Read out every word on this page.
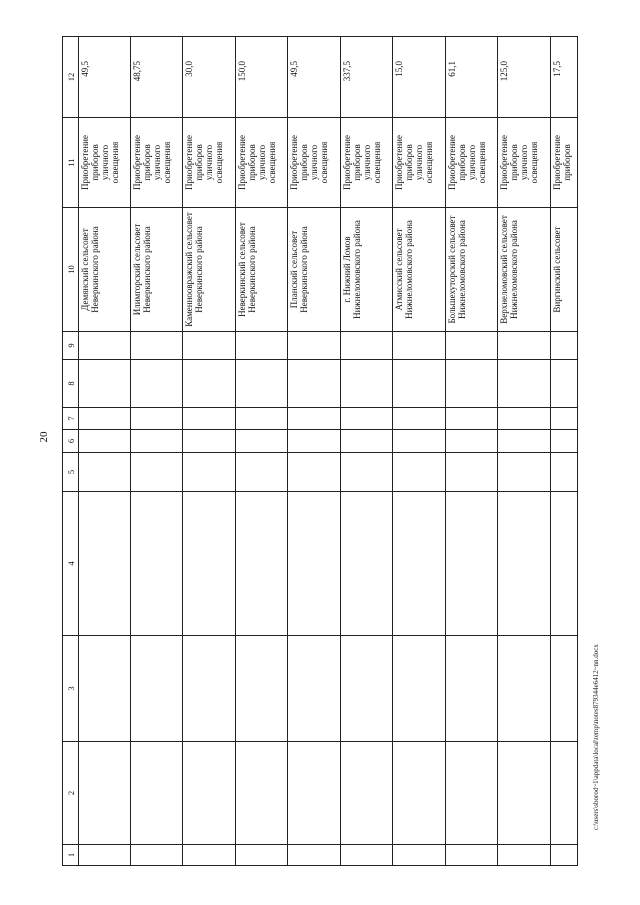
20
1	2	3	4	5	6	7	8	9	10	11	12
									Демянский сельсовет Неверкинского района	Приобретение приборов уличного освещения	49,5
									Илимгорский сельсовет Неверкинского района	Приобретение приборов уличного освещения	48,75
									Каменноовражский сельсовет Неверкинского района	Приобретение приборов уличного освещения	30,0
									Неверкинский сельсовет Неверкинского района	Приобретение приборов уличного освещения	150,0
									Планский сельсовет Неверкинского района	Приобретение приборов уличного освещения	49,5
									г. Нижний Ломов Нижнеломовского района	Приобретение приборов уличного освещения	337,5
									Атмисский сельсовет Нижнеломовского района	Приобретение приборов уличного освещения	15,0
									Большехуторский сельсовет Нижнеломовского района	Приобретение приборов уличного освещения	61,1
									Верхнеломовский сельсовет Нижнеломовского района	Приобретение приборов уличного освещения	125,0
									Виргинский сельсовет	Приобретение приборов	17,5
c:\users\sborod~1\appdata\local\temp\notes879344e6412~nn.docx
